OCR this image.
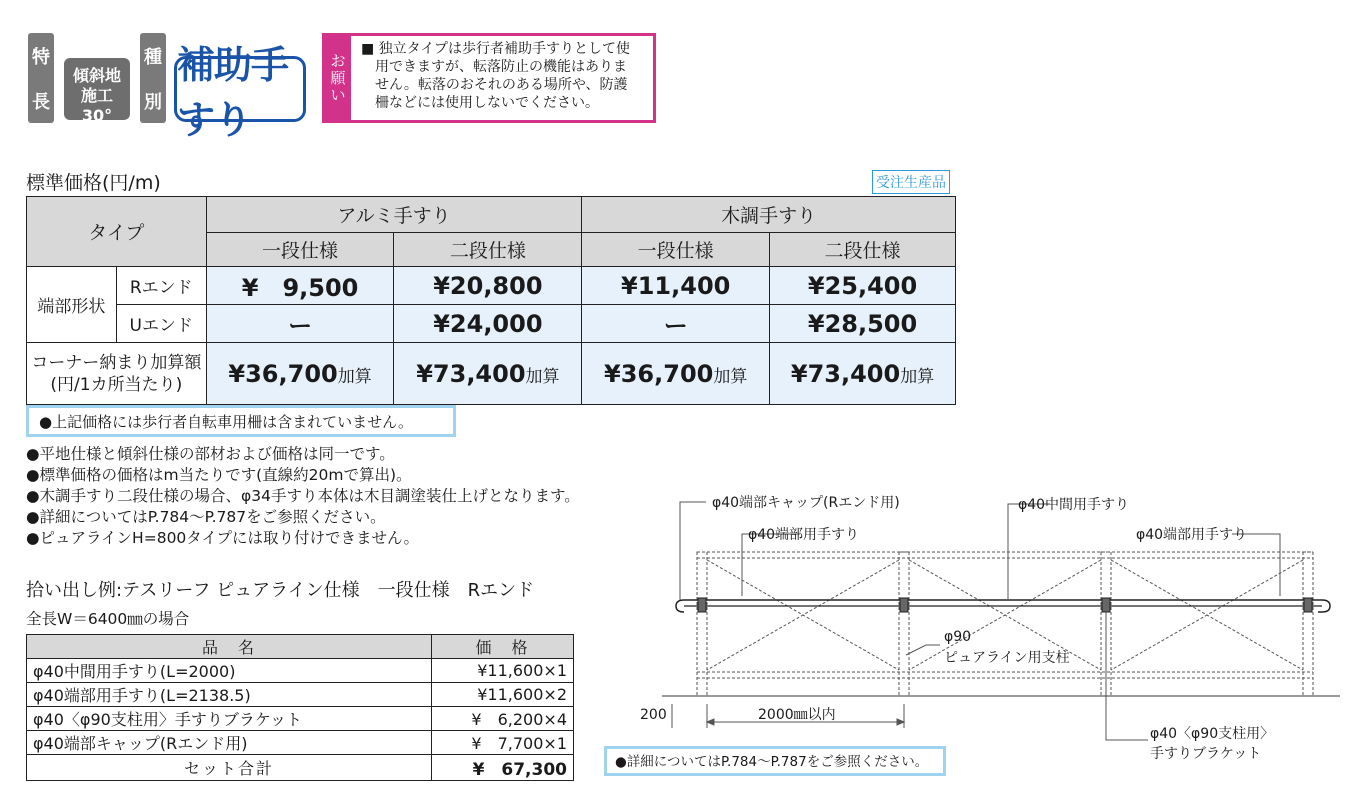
特
長
傾斜地
施工30°
種
別
補助手すり
お
願
い
■ 独立タイプは歩行者補助手すりとして使
用できますが、転落防止の機能はありま
せん。転落のおそれのある場所や、防護
柵などには使用しないでください。
標準価格(円/m)	受注生産品
タイプ		アルミ手すり		木調手すり	
		一段仕様	二段仕様	一段仕様	二段仕様
端部形状	Rエンド	¥　9,500	¥20,800	¥11,400	¥25,400
	Uエンド	ー	¥24,000	ー	¥28,500

コーナー納まり加算額
(円/1カ所当たり)		¥36,700加算	¥73,400加算	¥36,700加算	¥73,400加算
●上記価格には歩行者自転車用柵は含まれていません。
●平地仕様と傾斜仕様の部材および価格は同一です。
●標準価格の価格はm当たりです(直線約20mで算出)。
●木調手すり二段仕様の場合、φ34手すり本体は木目調塗装仕上げとなります。
●詳細についてはP.784〜P.787をご参照ください。
●ピュアラインH=800タイプには取り付けできません。
拾い出し例:テスリーフ ピュアライン仕様　一段仕様　Rエンド
全長W＝6400㎜の場合
品　名	価　格
φ40中間用手すり(L=2000)	¥11,600×1
φ40端部用手すり(L=2138.5)	¥11,600×2
φ40〈φ90支柱用〉手すりブラケット	¥　6,200×4
φ40端部キャップ(Rエンド用)	¥　7,700×1
セット合計	¥　67,300
φ40端部キャップ(Rエンド用)	φ40中間用手すり
φ40端部用手すり	φ40端部用手すり
φ90
ピュアライン用支柱
φ40〈φ90支柱用〉
手すりブラケット
200	2000㎜以内
●詳細についてはP.784〜P.787をご参照ください。
